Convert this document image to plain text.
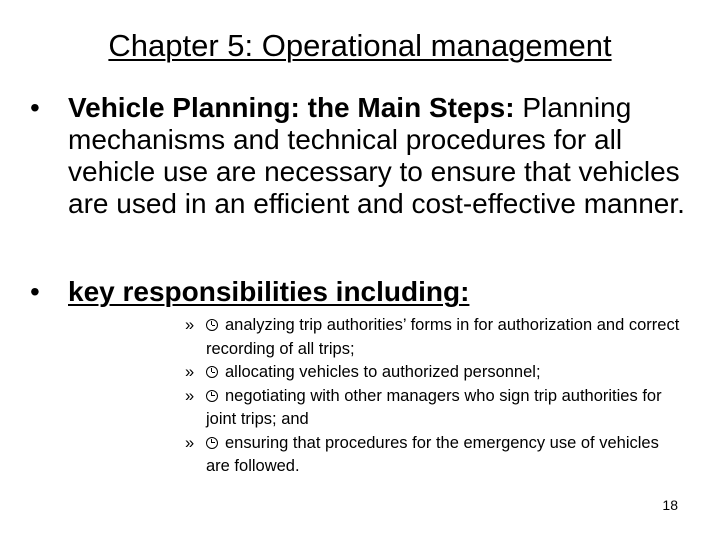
Chapter 5: Operational management
•	Vehicle Planning: the Main Steps: Planning mechanisms and technical procedures for all vehicle use are necessary to ensure that vehicles are used in an efficient and cost-effective manner.
•	key responsibilities including:
» analyzing trip authorities’ forms in for authorization and correct recording of all trips;
» allocating vehicles to authorized personnel;
» negotiating with other managers who sign trip authorities for joint trips; and
» ensuring that procedures for the emergency use of vehicles are followed.
18
